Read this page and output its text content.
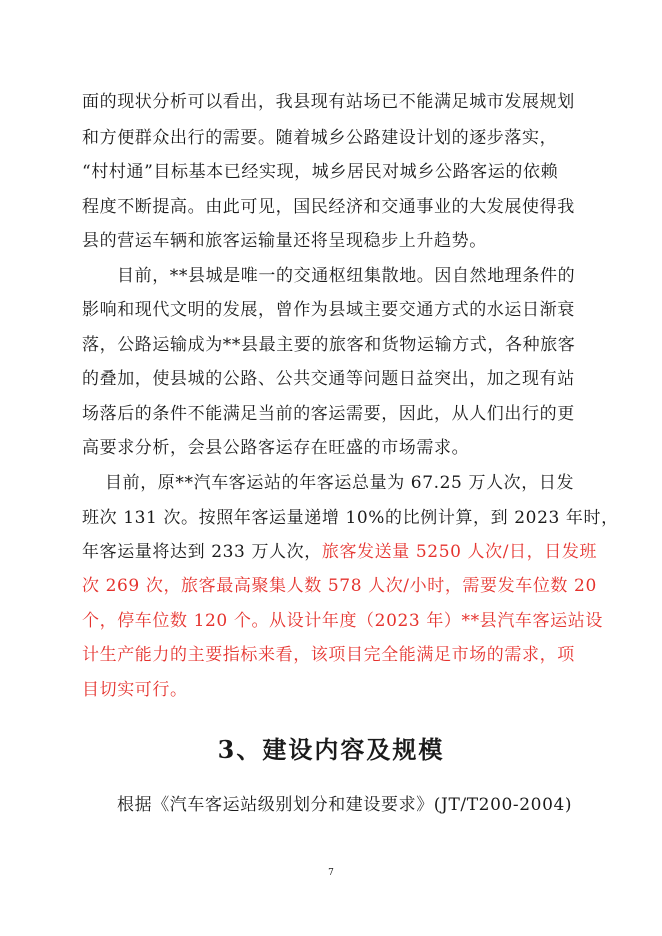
面的现状分析可以看出，我县现有站场已不能满足城市发展规划
和方便群众出行的需要。随着城乡公路建设计划的逐步落实，
“村村通”目标基本已经实现，城乡居民对城乡公路客运的依赖
程度不断提高。由此可见，国民经济和交通事业的大发展使得我
县的营运车辆和旅客运输量还将呈现稳步上升趋势。
目前，**县城是唯一的交通枢纽集散地。因自然地理条件的
影响和现代文明的发展，曾作为县域主要交通方式的水运日渐衰
落，公路运输成为**县最主要的旅客和货物运输方式，各种旅客
的叠加，使县城的公路、公共交通等问题日益突出，加之现有站
场落后的条件不能满足当前的客运需要，因此，从人们出行的更
高要求分析，会县公路客运存在旺盛的市场需求。
目前，原**汽车客运站的年客运总量为 67.25 万人次，日发
班次 131 次。按照年客运量递增 10%的比例计算，到 2023 年时，
年客运量将达到 233 万人次，旅客发送量 5250 人次/日，日发班
次 269 次，旅客最高聚集人数 578 人次/小时，需要发车位数 20
个，停车位数 120 个。从设计年度（2023 年）**县汽车客运站设
计生产能力的主要指标来看，该项目完全能满足市场的需求，项
目切实可行。
3、建设内容及规模
根据《汽车客运站级别划分和建设要求》(JT/T200-2004)
7
